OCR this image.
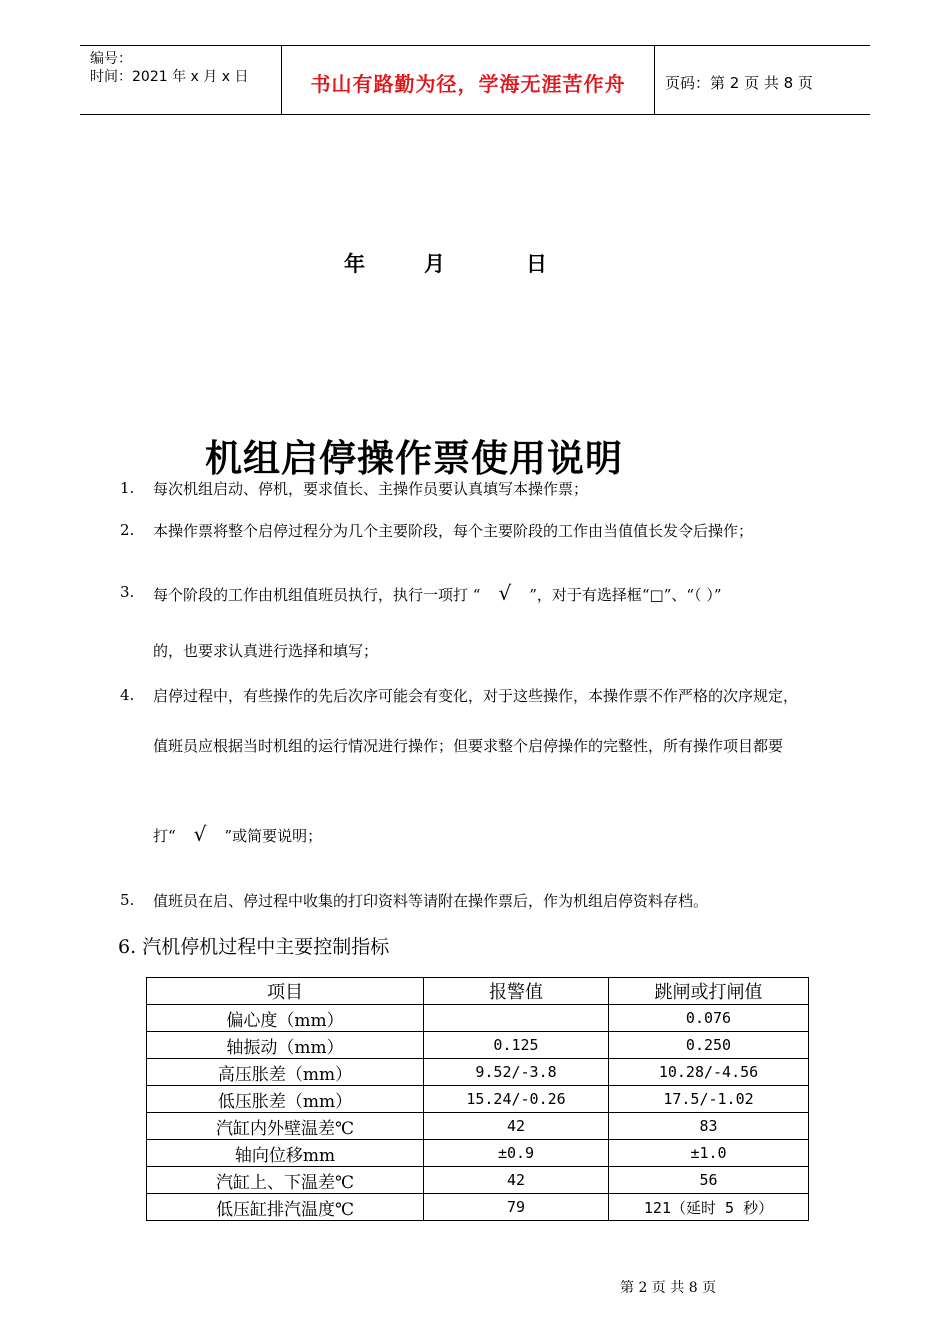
编号：
时间：2021 年 x 月 x 日	书山有路勤为径，学海无涯苦作舟	页码：第 2 页 共 8 页
年	月	日
机组启停操作票使用说明
1. 每次机组启动、停机，要求值长、主操作员要认真填写本操作票；
2. 本操作票将整个启停过程分为几个主要阶段，每个主要阶段的工作由当值值长发令后操作；
3. 每个阶段的工作由机组值班员执行，执行一项打 “ √ ”，对于有选择框“□”、“（ ）”
的，也要求认真进行选择和填写；
4. 启停过程中，有些操作的先后次序可能会有变化，对于这些操作，本操作票不作严格的次序规定，
值班员应根据当时机组的运行情况进行操作；但要求整个启停操作的完整性，所有操作项目都要
打“ √ ”或简要说明；
5. 值班员在启、停过程中收集的打印资料等请附在操作票后，作为机组启停资料存档。
6. 汽机停机过程中主要控制指标
项目	报警值	跳闸或打闸值
偏心度（mm）		0.076
轴振动（mm）	0.125	0.250
高压胀差（mm）	9.52/-3.8	10.28/-4.56
低压胀差（mm）	15.24/-0.26	17.5/-1.02
汽缸内外壁温差℃	42	83
轴向位移mm	±0.9	±1.0
汽缸上、下温差℃	42	56
低压缸排汽温度℃	79	121（延时 5 秒）
第 2 页 共 8 页
